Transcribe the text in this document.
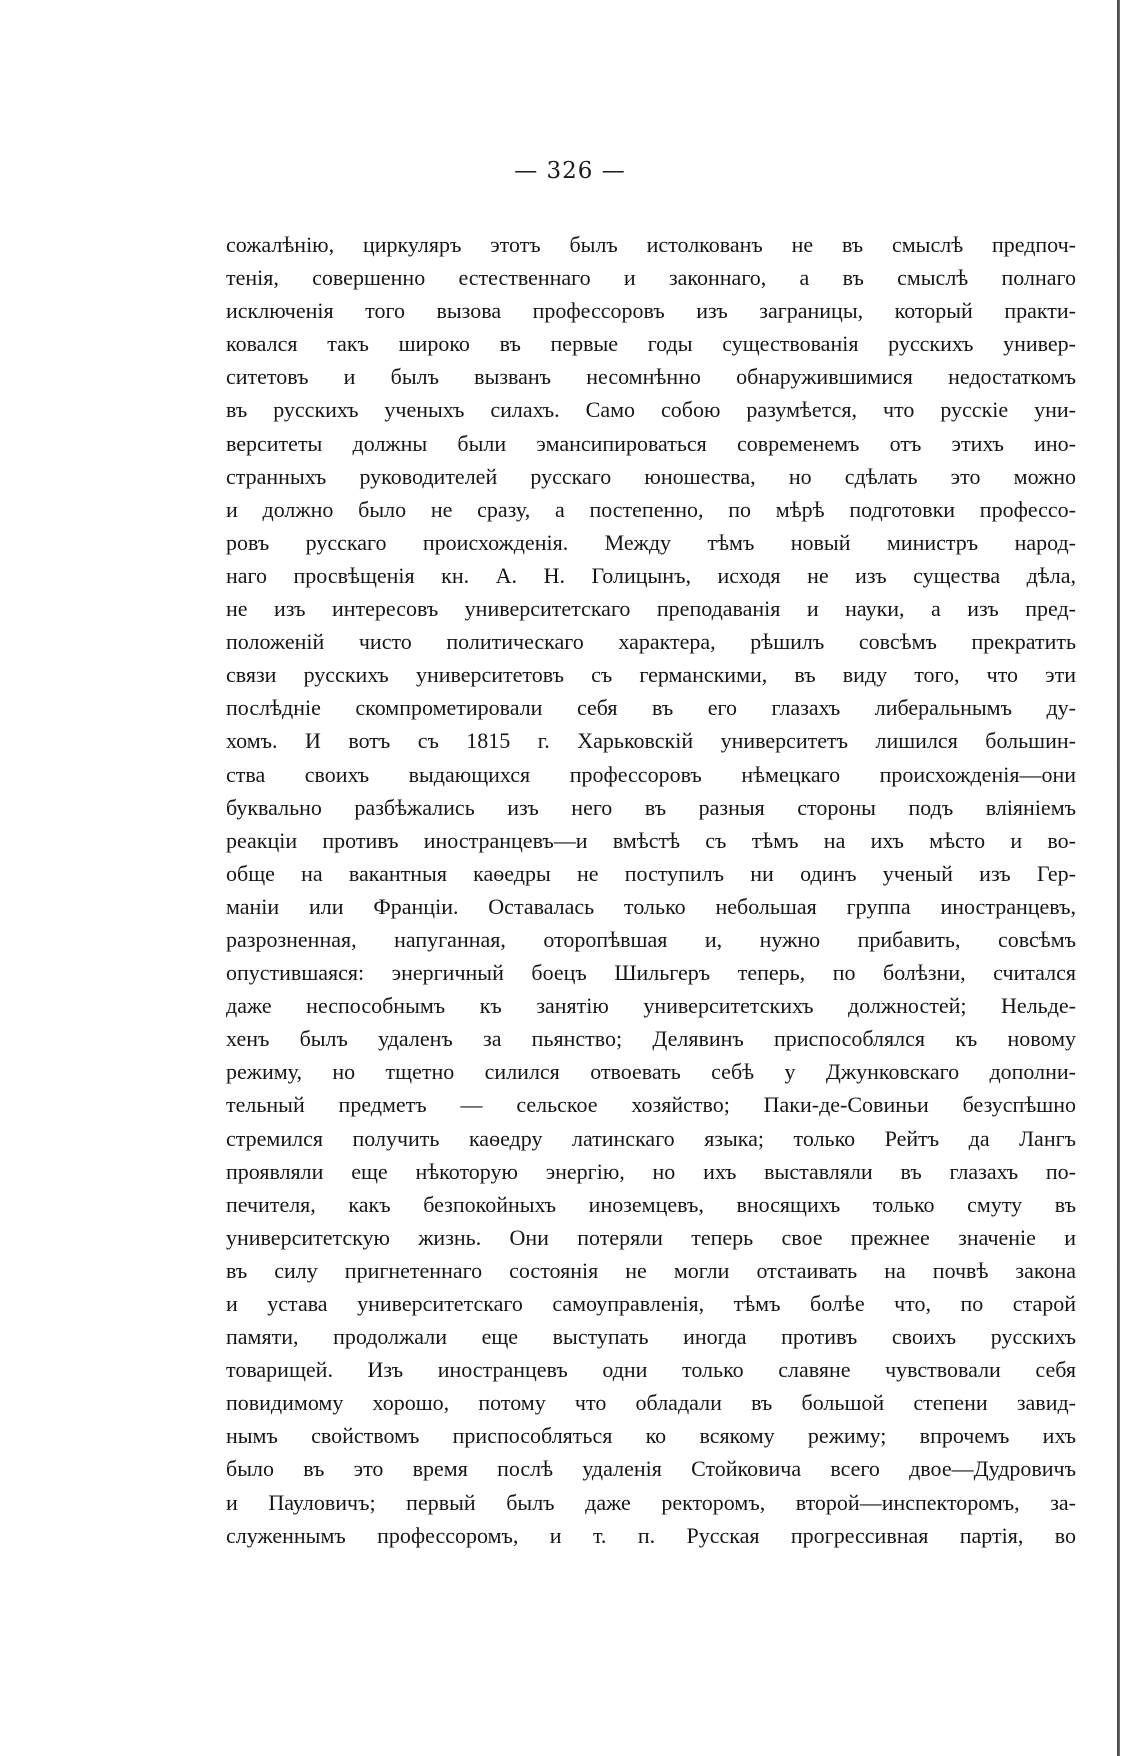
— 326 —
сожалѣнію, циркуляръ этотъ былъ истолкованъ не въ смыслѣ предпоч-
тенія, совершенно естественнаго и законнаго, а въ смыслѣ полнаго
исключенія того вызова профессоровъ изъ заграницы, который практи-
ковался такъ широко въ первые годы существованія русскихъ универ-
ситетовъ и былъ вызванъ несомнѣнно обнаружившимися недостаткомъ
въ русскихъ ученыхъ силахъ. Само собою разумѣется, что русскіе уни-
верситеты должны были эмансипироваться современемъ отъ этихъ ино-
странныхъ руководителей русскаго юношества, но сдѣлать это можно
и должно было не сразу, а постепенно, по мѣрѣ подготовки профессо-
ровъ русскаго происхожденія. Между тѣмъ новый министръ народ-
наго просвѣщенія кн. А. Н. Голицынъ, исходя не изъ существа дѣла,
не изъ интересовъ университетскаго преподаванія и науки, а изъ пред-
положеній чисто политическаго характера, рѣшилъ совсѣмъ прекратить
связи русскихъ университетовъ съ германскими, въ виду того, что эти
послѣдніе скомпрометировали себя въ его глазахъ либеральнымъ ду-
хомъ. И вотъ съ 1815 г. Харьковскій университетъ лишился большин-
ства своихъ выдающихся профессоровъ нѣмецкаго происхожденія—они
буквально разбѣжались изъ него въ разныя стороны подъ вліяніемъ
реакціи противъ иностранцевъ—и вмѣстѣ съ тѣмъ на ихъ мѣсто и во-
обще на вакантныя каѳедры не поступилъ ни одинъ ученый изъ Гер-
маніи или Франціи. Оставалась только небольшая группа иностранцевъ,
разрозненная, напуганная, оторопѣвшая и, нужно прибавить, совсѣмъ
опустившаяся: энергичный боецъ Шильгеръ теперь, по болѣзни, считался
даже неспособнымъ къ занятію университетскихъ должностей; Нельде-
хенъ былъ удаленъ за пьянство; Делявинъ приспособлялся къ новому
режиму, но тщетно силился отвоевать себѣ у Джунковскаго дополни-
тельный предметъ — сельское хозяйство; Паки-де-Совиньи безуспѣшно
стремился получить каѳедру латинскаго языка; только Рейтъ да Лангъ
проявляли еще нѣкоторую энергію, но ихъ выставляли въ глазахъ по-
печителя, какъ безпокойныхъ иноземцевъ, вносящихъ только смуту въ
университетскую жизнь. Они потеряли теперь свое прежнее значеніе и
въ силу пригнетеннаго состоянія не могли отстаивать на почвѣ закона
и устава университетскаго самоуправленія, тѣмъ болѣе что, по старой
памяти, продолжали еще выступать иногда противъ своихъ русскихъ
товарищей. Изъ иностранцевъ одни только славяне чувствовали себя
повидимому хорошо, потому что обладали въ большой степени завид-
нымъ свойствомъ приспособляться ко всякому режиму; впрочемъ ихъ
было въ это время послѣ удаленія Стойковича всего двое—Дудровичъ
и Пауловичъ; первый былъ даже ректоромъ, второй—инспекторомъ, за-
служеннымъ профессоромъ, и т. п. Русская прогрессивная партія, во
